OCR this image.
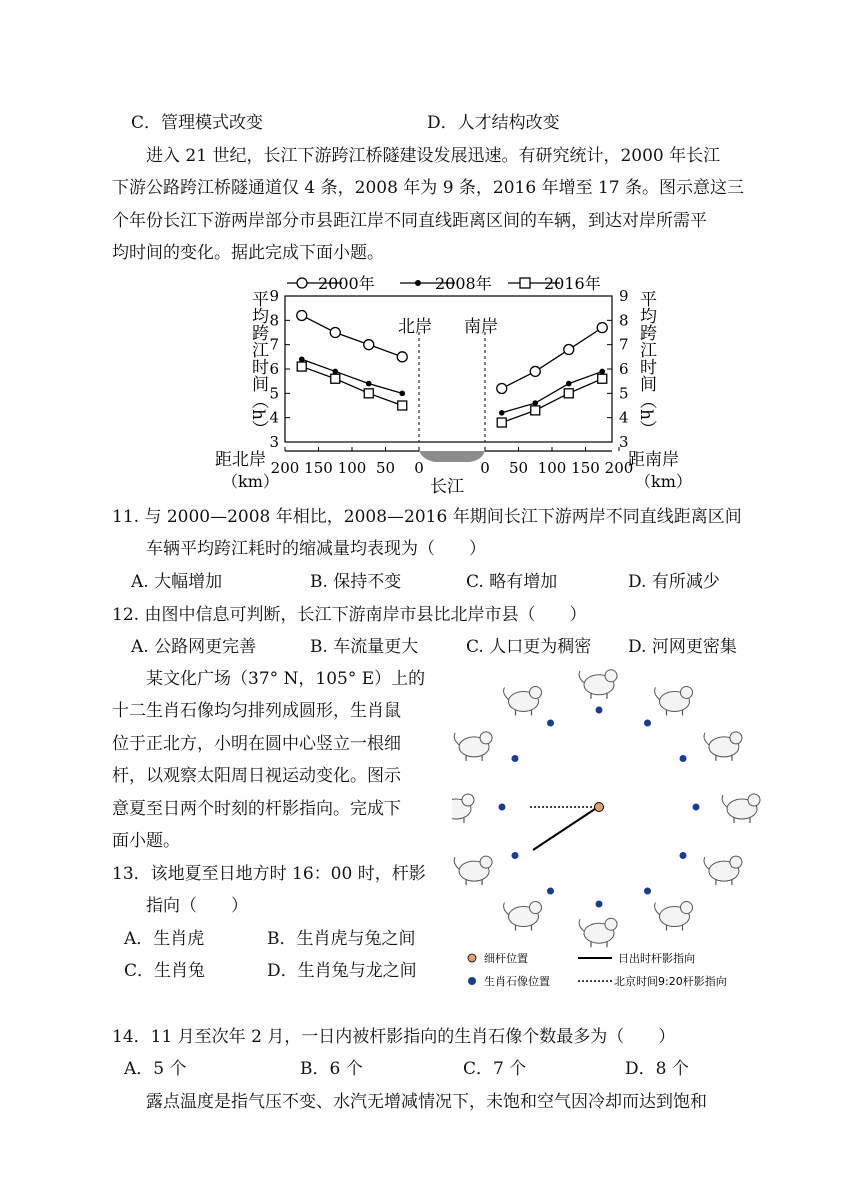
C．管理模式改变	D．人才结构改变
进入 21 世纪，长江下游跨江桥隧建设发展迅速。有研究统计，2000 年长江
下游公路跨江桥隧通道仅 4 条，2008 年为 9 条，2016 年增至 17 条。图示意这三
个年份长江下游两岸部分市县距江岸不同直线距离区间的车辆，到达对岸所需平
均时间的变化。据此完成下面小题。
2000年	2008年	2016年
9
8
7
6
5
4
3
9
8
7
6
5
4
3
平均跨江时间（h）	平均跨江时间（h）
北岸 南岸
200 150 100 50 0	0 50 100 150 200
距北岸
（km）
距南岸
（km）
长江
11. 与 2000—2008 年相比，2008—2016 年期间长江下游两岸不同直线距离区间
车辆平均跨江耗时的缩减量均表现为（　　）
A. 大幅增加	B. 保持不变	C. 略有增加	D. 有所减少
12. 由图中信息可判断，长江下游南岸市县比北岸市县（　　）
A. 公路网更完善	B. 车流量更大	C. 人口更为稠密 D. 河网更密集
某文化广场（37° N，105° E）上的
十二生肖石像均匀排列成圆形，生肖鼠
位于正北方，小明在圆中心竖立一根细
杆，以观察太阳周日视运动变化。图示
意夏至日两个时刻的杆影指向。完成下
面小题。
13．该地夏至日地方时 16：00 时，杆影
指向（　　）
A．生肖虎	B．生肖虎与兔之间
C．生肖兔	D．生肖兔与龙之间
细杆位置	日出时杆影指向
生肖石像位置	北京时间9:20杆影指向
14．11 月至次年 2 月，一日内被杆影指向的生肖石像个数最多为（　　）
A．5 个	B．6 个	C．7 个	D．8 个
露点温度是指气压不变、水汽无增减情况下，未饱和空气因冷却而达到饱和
